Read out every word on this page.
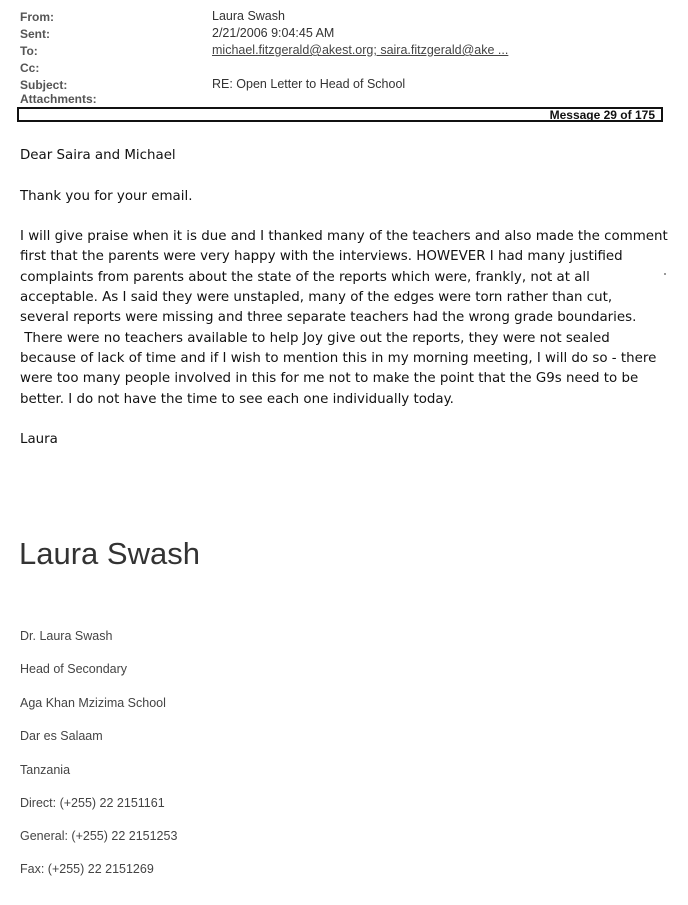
From:	Laura Swash
Sent:	2/21/2006 9:04:45 AM
To:	michael.fitzgerald@akest.org; saira.fitzgerald@ake ...
Cc:
Subject:	RE: Open Letter to Head of School
Attachments:
Message 29 of 175

Dear Saira and Michael

Thank you for your email.

I will give praise when it is due and I thanked many of the teachers and also made the comment
first that the parents were very happy with the interviews. HOWEVER I had many justified
complaints from parents about the state of the reports which were, frankly, not at all
acceptable. As I said they were unstapled, many of the edges were torn rather than cut,
several reports were missing and three separate teachers had the wrong grade boundaries.
There were no teachers available to help Joy give out the reports, they were not sealed
because of lack of time and if I wish to mention this in my morning meeting, I will do so - there
were too many people involved in this for me not to make the point that the G9s need to be
better. I do not have the time to see each one individually today.

Laura

Laura Swash
Dr. Laura Swash
Head of Secondary
Aga Khan Mzizima School
Dar es Salaam
Tanzania
Direct: (+255) 22 2151161
General: (+255) 22 2151253
Fax: (+255) 22 2151269
